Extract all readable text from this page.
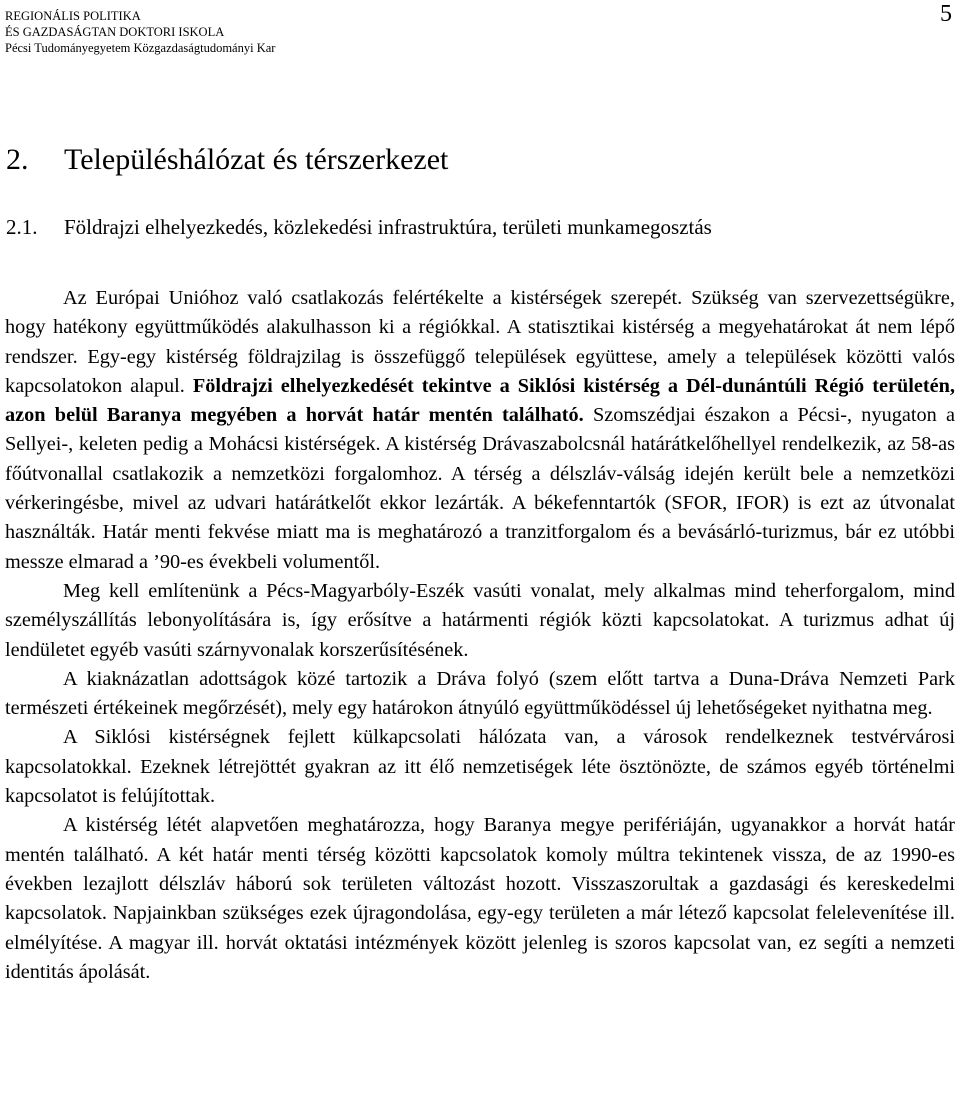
REGIONÁLIS POLITIKA
ÉS GAZDASÁGTAN DOKTORI ISKOLA
Pécsi Tudományegyetem Közgazdaságtudományi Kar
5
2. Településhálózat és térszerkezet
2.1. Földrajzi elhelyezkedés, közlekedési infrastruktúra, területi munkamegosztás

Az Európai Unióhoz való csatlakozás felértékelte a kistérségek szerepét. Szükség van szervezettségükre, hogy hatékony együttműködés alakulhasson ki a régiókkal. A statisztikai kistérség a megyehatárokat át nem lépő rendszer. Egy-egy kistérség földrajzilag is összefüggő települések együttese, amely a települések közötti valós kapcsolatokon alapul. Földrajzi elhelyezkedését tekintve a Siklósi kistérség a Dél-dunántúli Régió területén, azon belül Baranya megyében a horvát határ mentén található. Szomszédjai északon a Pécsi-, nyugaton a Sellyei-, keleten pedig a Mohácsi kistérségek. A kistérség Drávaszabolcsnál határátkelőhellyel rendelkezik, az 58-as főútvonallal csatlakozik a nemzetközi forgalomhoz. A térség a délszláv-válság idején került bele a nemzetközi vérkeringésbe, mivel az udvari határátkelőt ekkor lezárták. A békefenntartók (SFOR, IFOR) is ezt az útvonalat használták. Határ menti fekvése miatt ma is meghatározó a tranzitforgalom és a bevásárló-turizmus, bár ez utóbbi messze elmarad a ’90-es évekbeli volumentől.

Meg kell említenünk a Pécs-Magyarbóly-Eszék vasúti vonalat, mely alkalmas mind teherforgalom, mind személyszállítás lebonyolítására is, így erősítve a határmenti régiók közti kapcsolatokat. A turizmus adhat új lendületet egyéb vasúti szárnyvonalak korszerűsítésének.

A kiaknázatlan adottságok közé tartozik a Dráva folyó (szem előtt tartva a Duna-Dráva Nemzeti Park természeti értékeinek megőrzését), mely egy határokon átnyúló együttműködéssel új lehetőségeket nyithatna meg.

A Siklósi kistérségnek fejlett külkapcsolati hálózata van, a városok rendelkeznek testvérvárosi kapcsolatokkal. Ezeknek létrejöttét gyakran az itt élő nemzetiségek léte ösztönözte, de számos egyéb történelmi kapcsolatot is felújítottak.

A kistérség létét alapvetően meghatározza, hogy Baranya megye perifériáján, ugyanakkor a horvát határ mentén található. A két határ menti térség közötti kapcsolatok komoly múltra tekintenek vissza, de az 1990-es években lezajlott délszláv háború sok területen változást hozott. Visszaszorultak a gazdasági és kereskedelmi kapcsolatok. Napjainkban szükséges ezek újragondolása, egy-egy területen a már létező kapcsolat felelevenítése ill. elmélyítése. A magyar ill. horvát oktatási intézmények között jelenleg is szoros kapcsolat van, ez segíti a nemzeti identitás ápolását.
